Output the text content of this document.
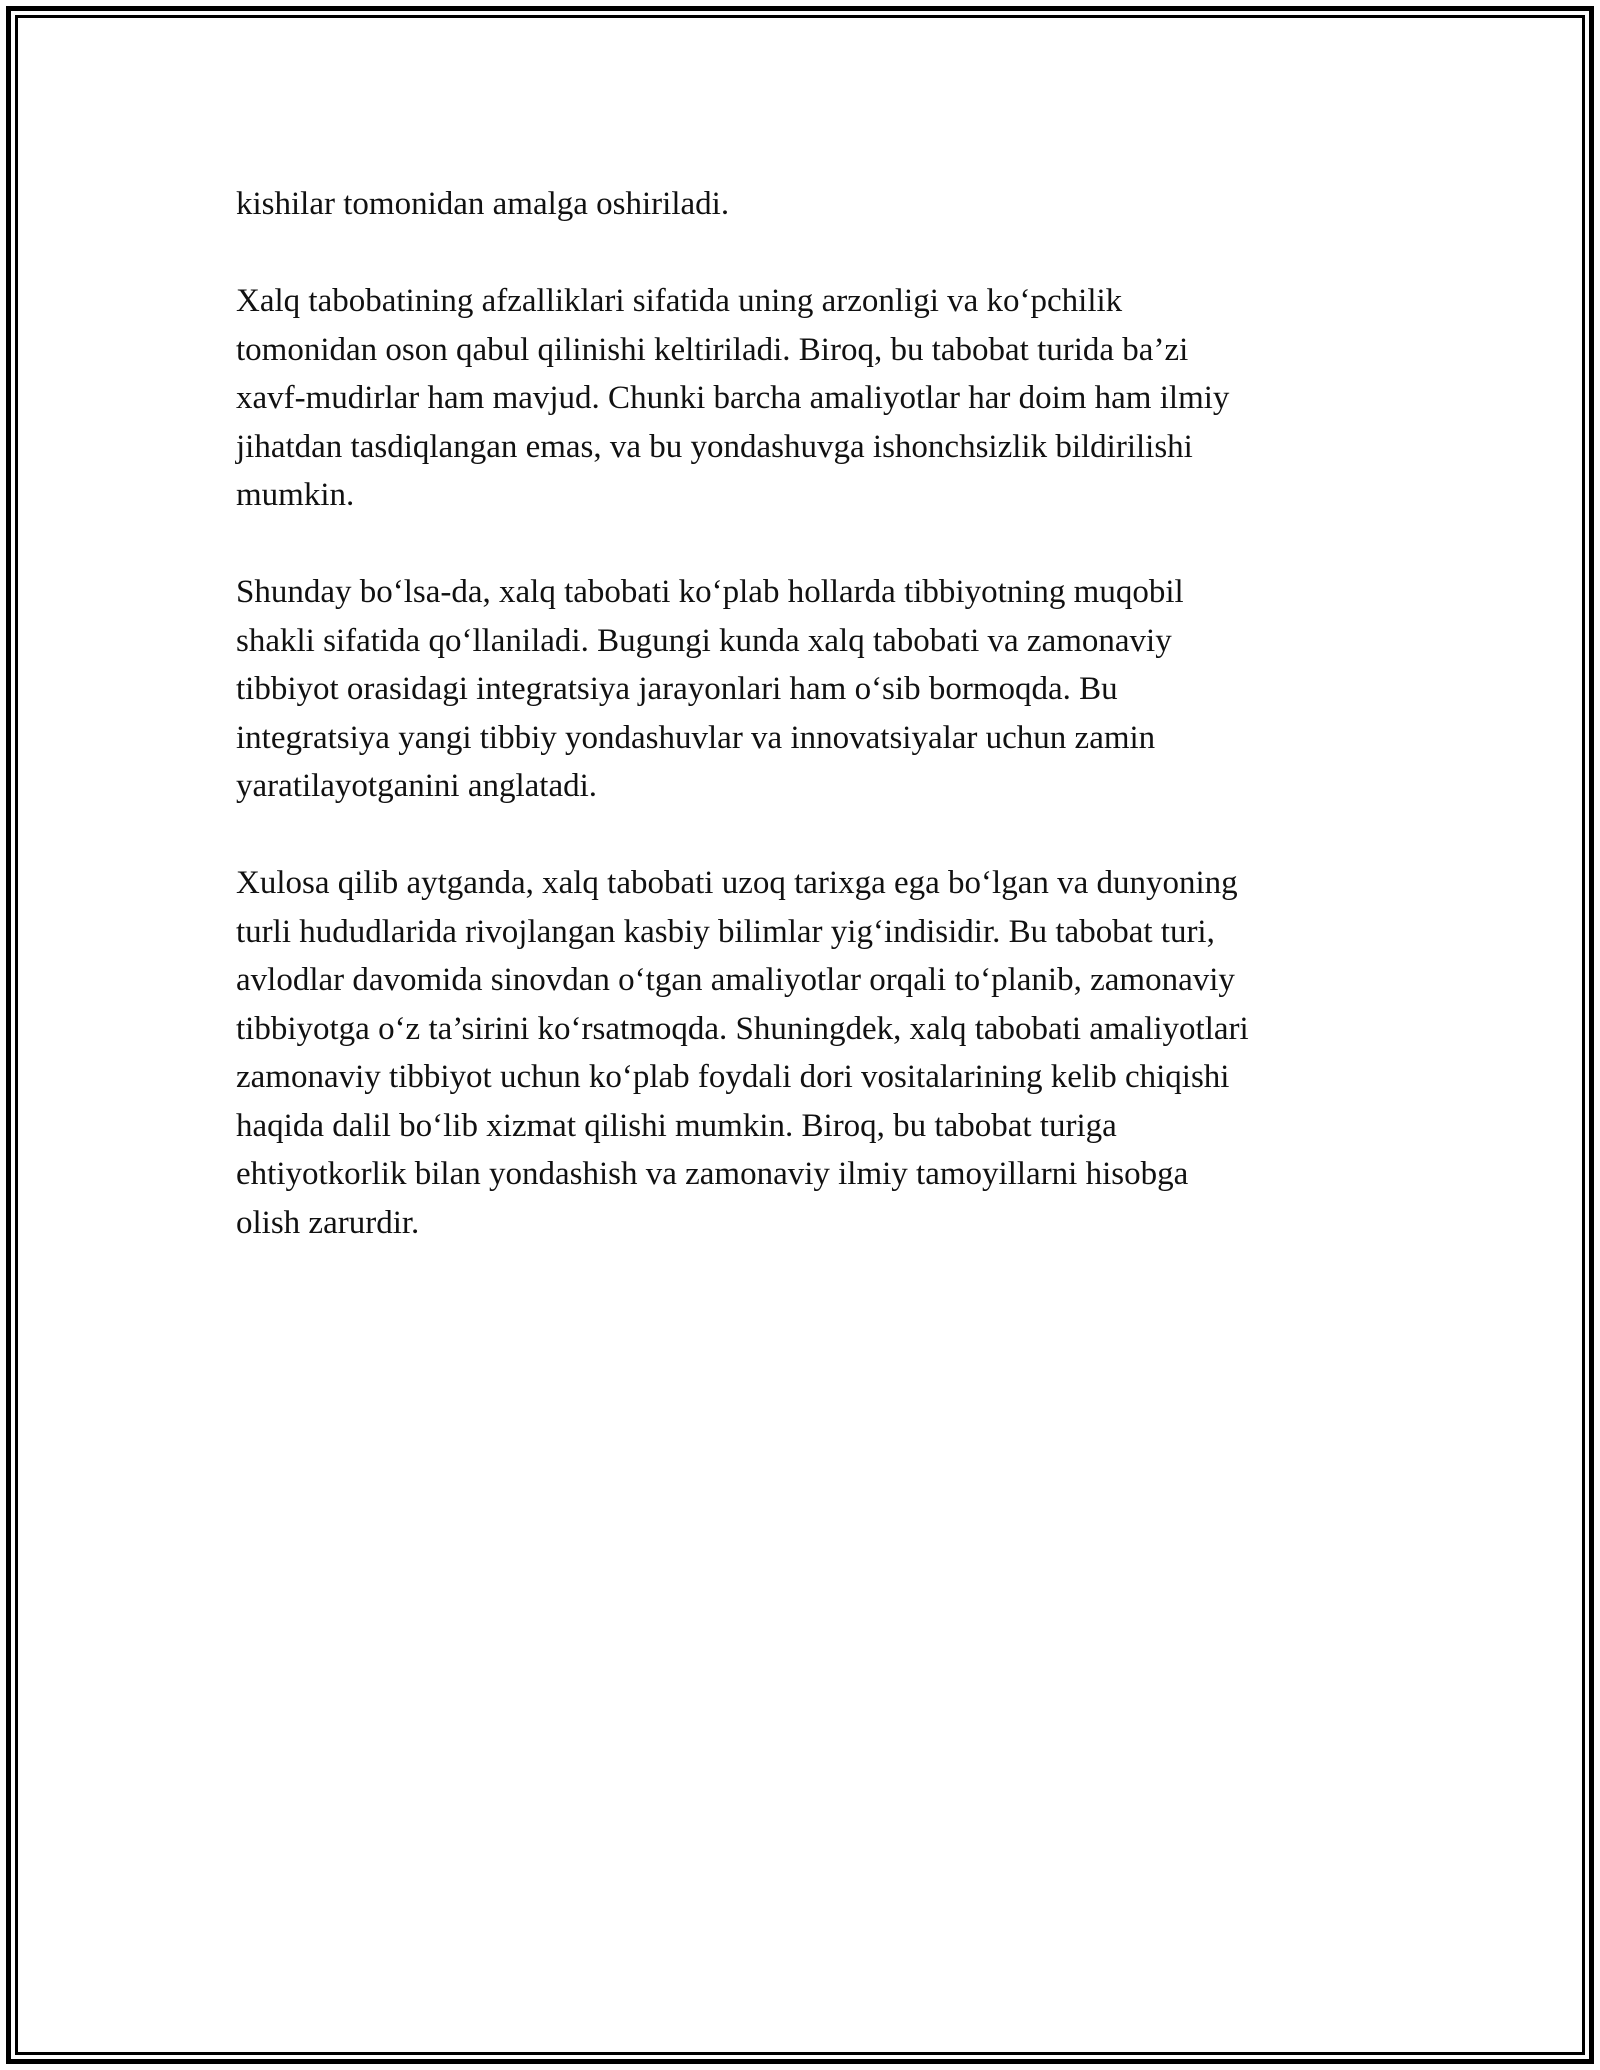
kishilar tomonidan amalga oshiriladi.
Xalq tabobatining afzalliklari sifatida uning arzonligi va ko‘pchilik
tomonidan oson qabul qilinishi keltiriladi. Biroq, bu tabobat turida ba’zi
xavf-mudirlar ham mavjud. Chunki barcha amaliyotlar har doim ham ilmiy
jihatdan tasdiqlangan emas, va bu yondashuvga ishonchsizlik bildirilishi
mumkin.
Shunday bo‘lsa-da, xalq tabobati ko‘plab hollarda tibbiyotning muqobil
shakli sifatida qo‘llaniladi. Bugungi kunda xalq tabobati va zamonaviy
tibbiyot orasidagi integratsiya jarayonlari ham o‘sib bormoqda. Bu
integratsiya yangi tibbiy yondashuvlar va innovatsiyalar uchun zamin
yaratilayotganini anglatadi.
Xulosa qilib aytganda, xalq tabobati uzoq tarixga ega bo‘lgan va dunyoning
turli hududlarida rivojlangan kasbiy bilimlar yig‘indisidir. Bu tabobat turi,
avlodlar davomida sinovdan o‘tgan amaliyotlar orqali to‘planib, zamonaviy
tibbiyotga o‘z ta’sirini ko‘rsatmoqda. Shuningdek, xalq tabobati amaliyotlari
zamonaviy tibbiyot uchun ko‘plab foydali dori vositalarining kelib chiqishi
haqida dalil bo‘lib xizmat qilishi mumkin. Biroq, bu tabobat turiga
ehtiyotkorlik bilan yondashish va zamonaviy ilmiy tamoyillarni hisobga
olish zarurdir.
